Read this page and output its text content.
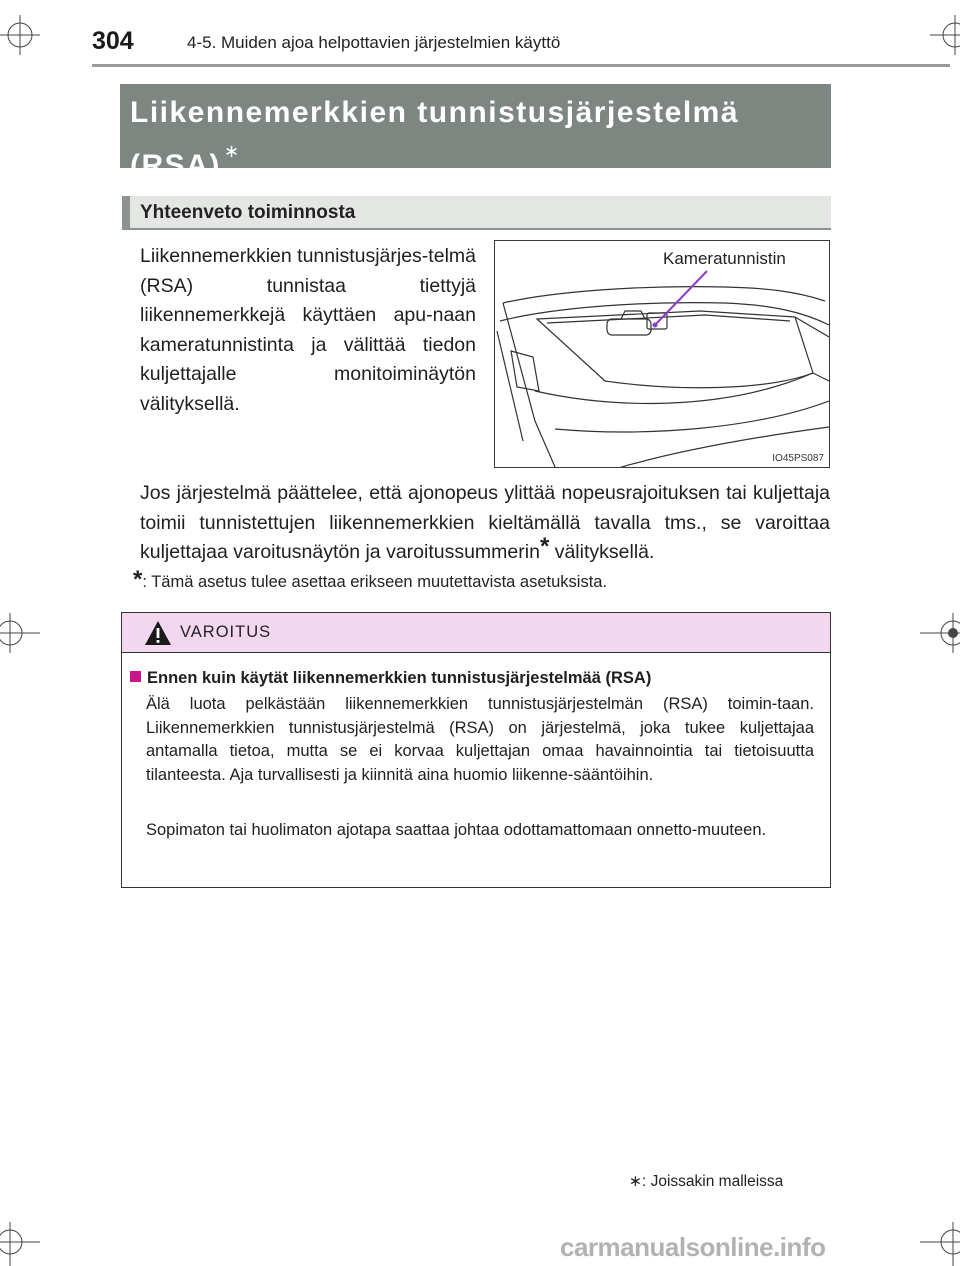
304	4-5. Muiden ajoa helpottavien järjestelmien käyttö
Liikennemerkkien tunnistusjärjestelmä
(RSA) ∗
Yhteenveto toiminnosta
Liikennemerkkien tunnistusjärjes-telmä (RSA) tunnistaa tiettyjä liikennemerkkejä käyttäen apu-naan kameratunnistinta ja välittää tiedon kuljettajalle monitoiminäytön välityksellä.
Kameratunnistin
IO45PS087
Jos järjestelmä päättelee, että ajonopeus ylittää nopeusrajoituksen tai kuljettaja toimii tunnistettujen liikennemerkkien kieltämällä tavalla tms., se varoittaa kuljettajaa varoitusnäytön ja varoitussummerin* välityksellä.
*: Tämä asetus tulee asettaa erikseen muutettavista asetuksista.
VAROITUS
Ennen kuin käytät liikennemerkkien tunnistusjärjestelmää (RSA)
Älä luota pelkästään liikennemerkkien tunnistusjärjestelmän (RSA) toimin-taan. Liikennemerkkien tunnistusjärjestelmä (RSA) on järjestelmä, joka tukee kuljettajaa antamalla tietoa, mutta se ei korvaa kuljettajan omaa havainnointia tai tietoisuutta tilanteesta. Aja turvallisesti ja kiinnitä aina huomio liikenne-sääntöihin.
Sopimaton tai huolimaton ajotapa saattaa johtaa odottamattomaan onnetto-muuteen.
∗: Joissakin malleissa
carmanualsonline.info
